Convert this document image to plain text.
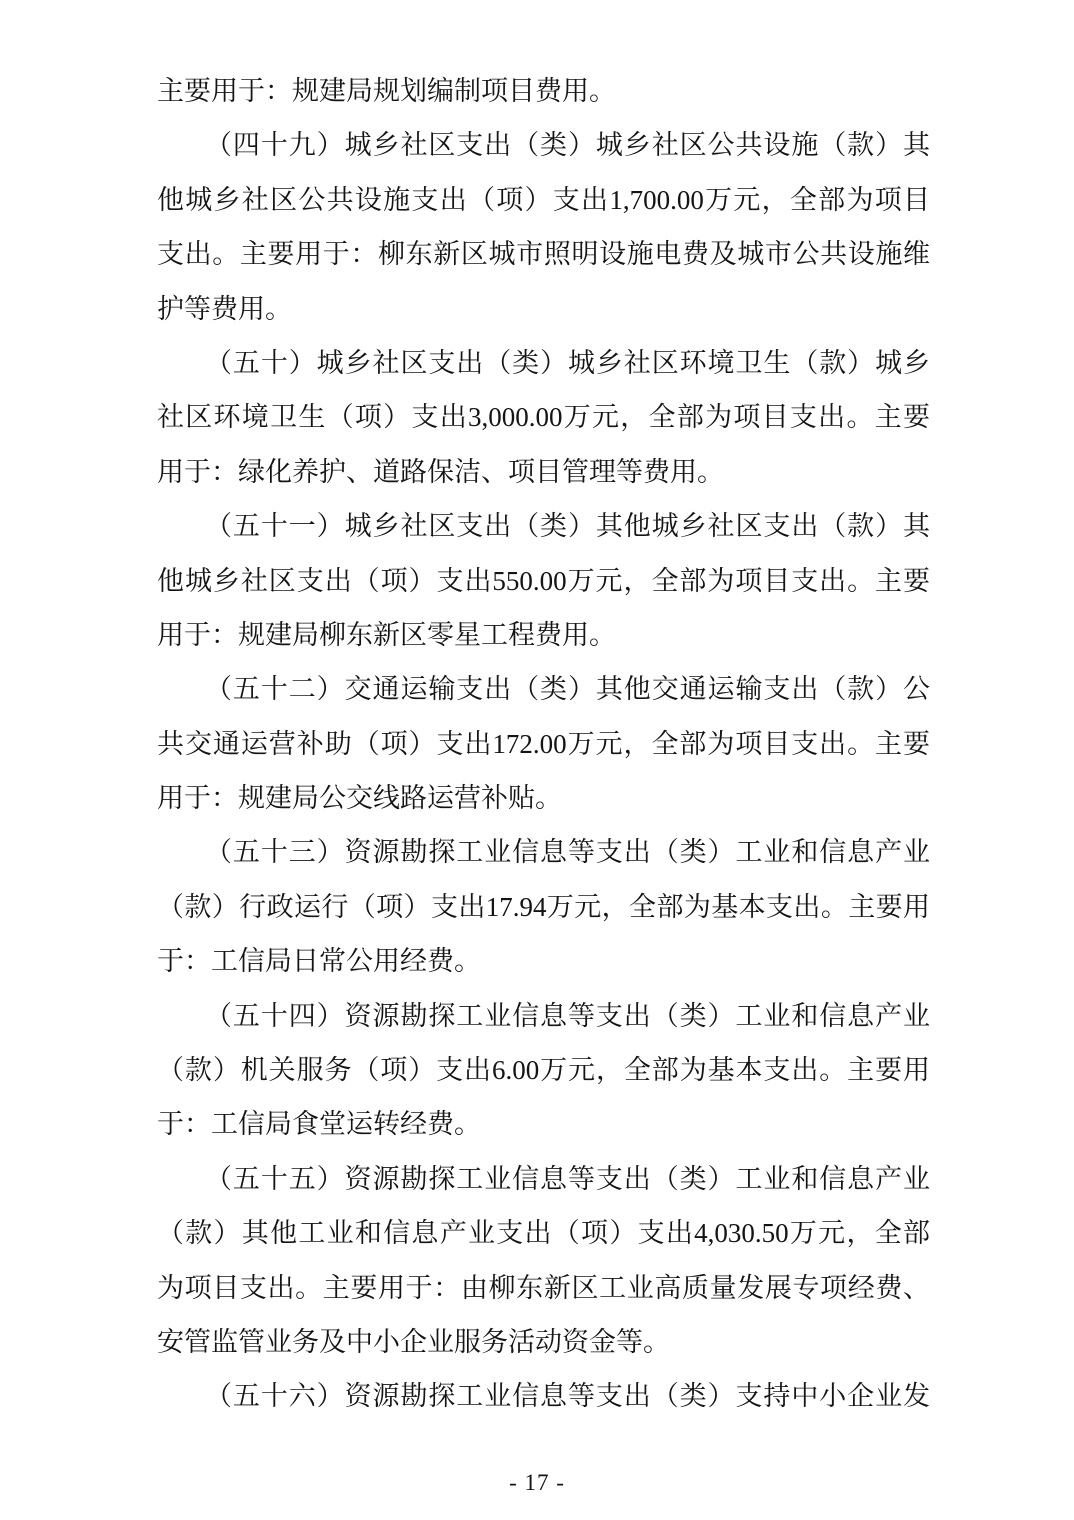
主要用于：规建局规划编制项目费用。
（四十九）城乡社区支出（类）城乡社区公共设施（款）其
他城乡社区公共设施支出（项）支出1,700.00万元，全部为项目
支出。主要用于：柳东新区城市照明设施电费及城市公共设施维
护等费用。
（五十）城乡社区支出（类）城乡社区环境卫生（款）城乡
社区环境卫生（项）支出3,000.00万元，全部为项目支出。主要
用于：绿化养护、道路保洁、项目管理等费用。
（五十一）城乡社区支出（类）其他城乡社区支出（款）其
他城乡社区支出（项）支出550.00万元，全部为项目支出。主要
用于：规建局柳东新区零星工程费用。
（五十二）交通运输支出（类）其他交通运输支出（款）公
共交通运营补助（项）支出172.00万元，全部为项目支出。主要
用于：规建局公交线路运营补贴。
（五十三）资源勘探工业信息等支出（类）工业和信息产业
（款）行政运行（项）支出17.94万元，全部为基本支出。主要用
于：工信局日常公用经费。
（五十四）资源勘探工业信息等支出（类）工业和信息产业
（款）机关服务（项）支出6.00万元，全部为基本支出。主要用
于：工信局食堂运转经费。
（五十五）资源勘探工业信息等支出（类）工业和信息产业
（款）其他工业和信息产业支出（项）支出4,030.50万元，全部
为项目支出。主要用于：由柳东新区工业高质量发展专项经费、
安管监管业务及中小企业服务活动资金等。
（五十六）资源勘探工业信息等支出（类）支持中小企业发
- 17 -
